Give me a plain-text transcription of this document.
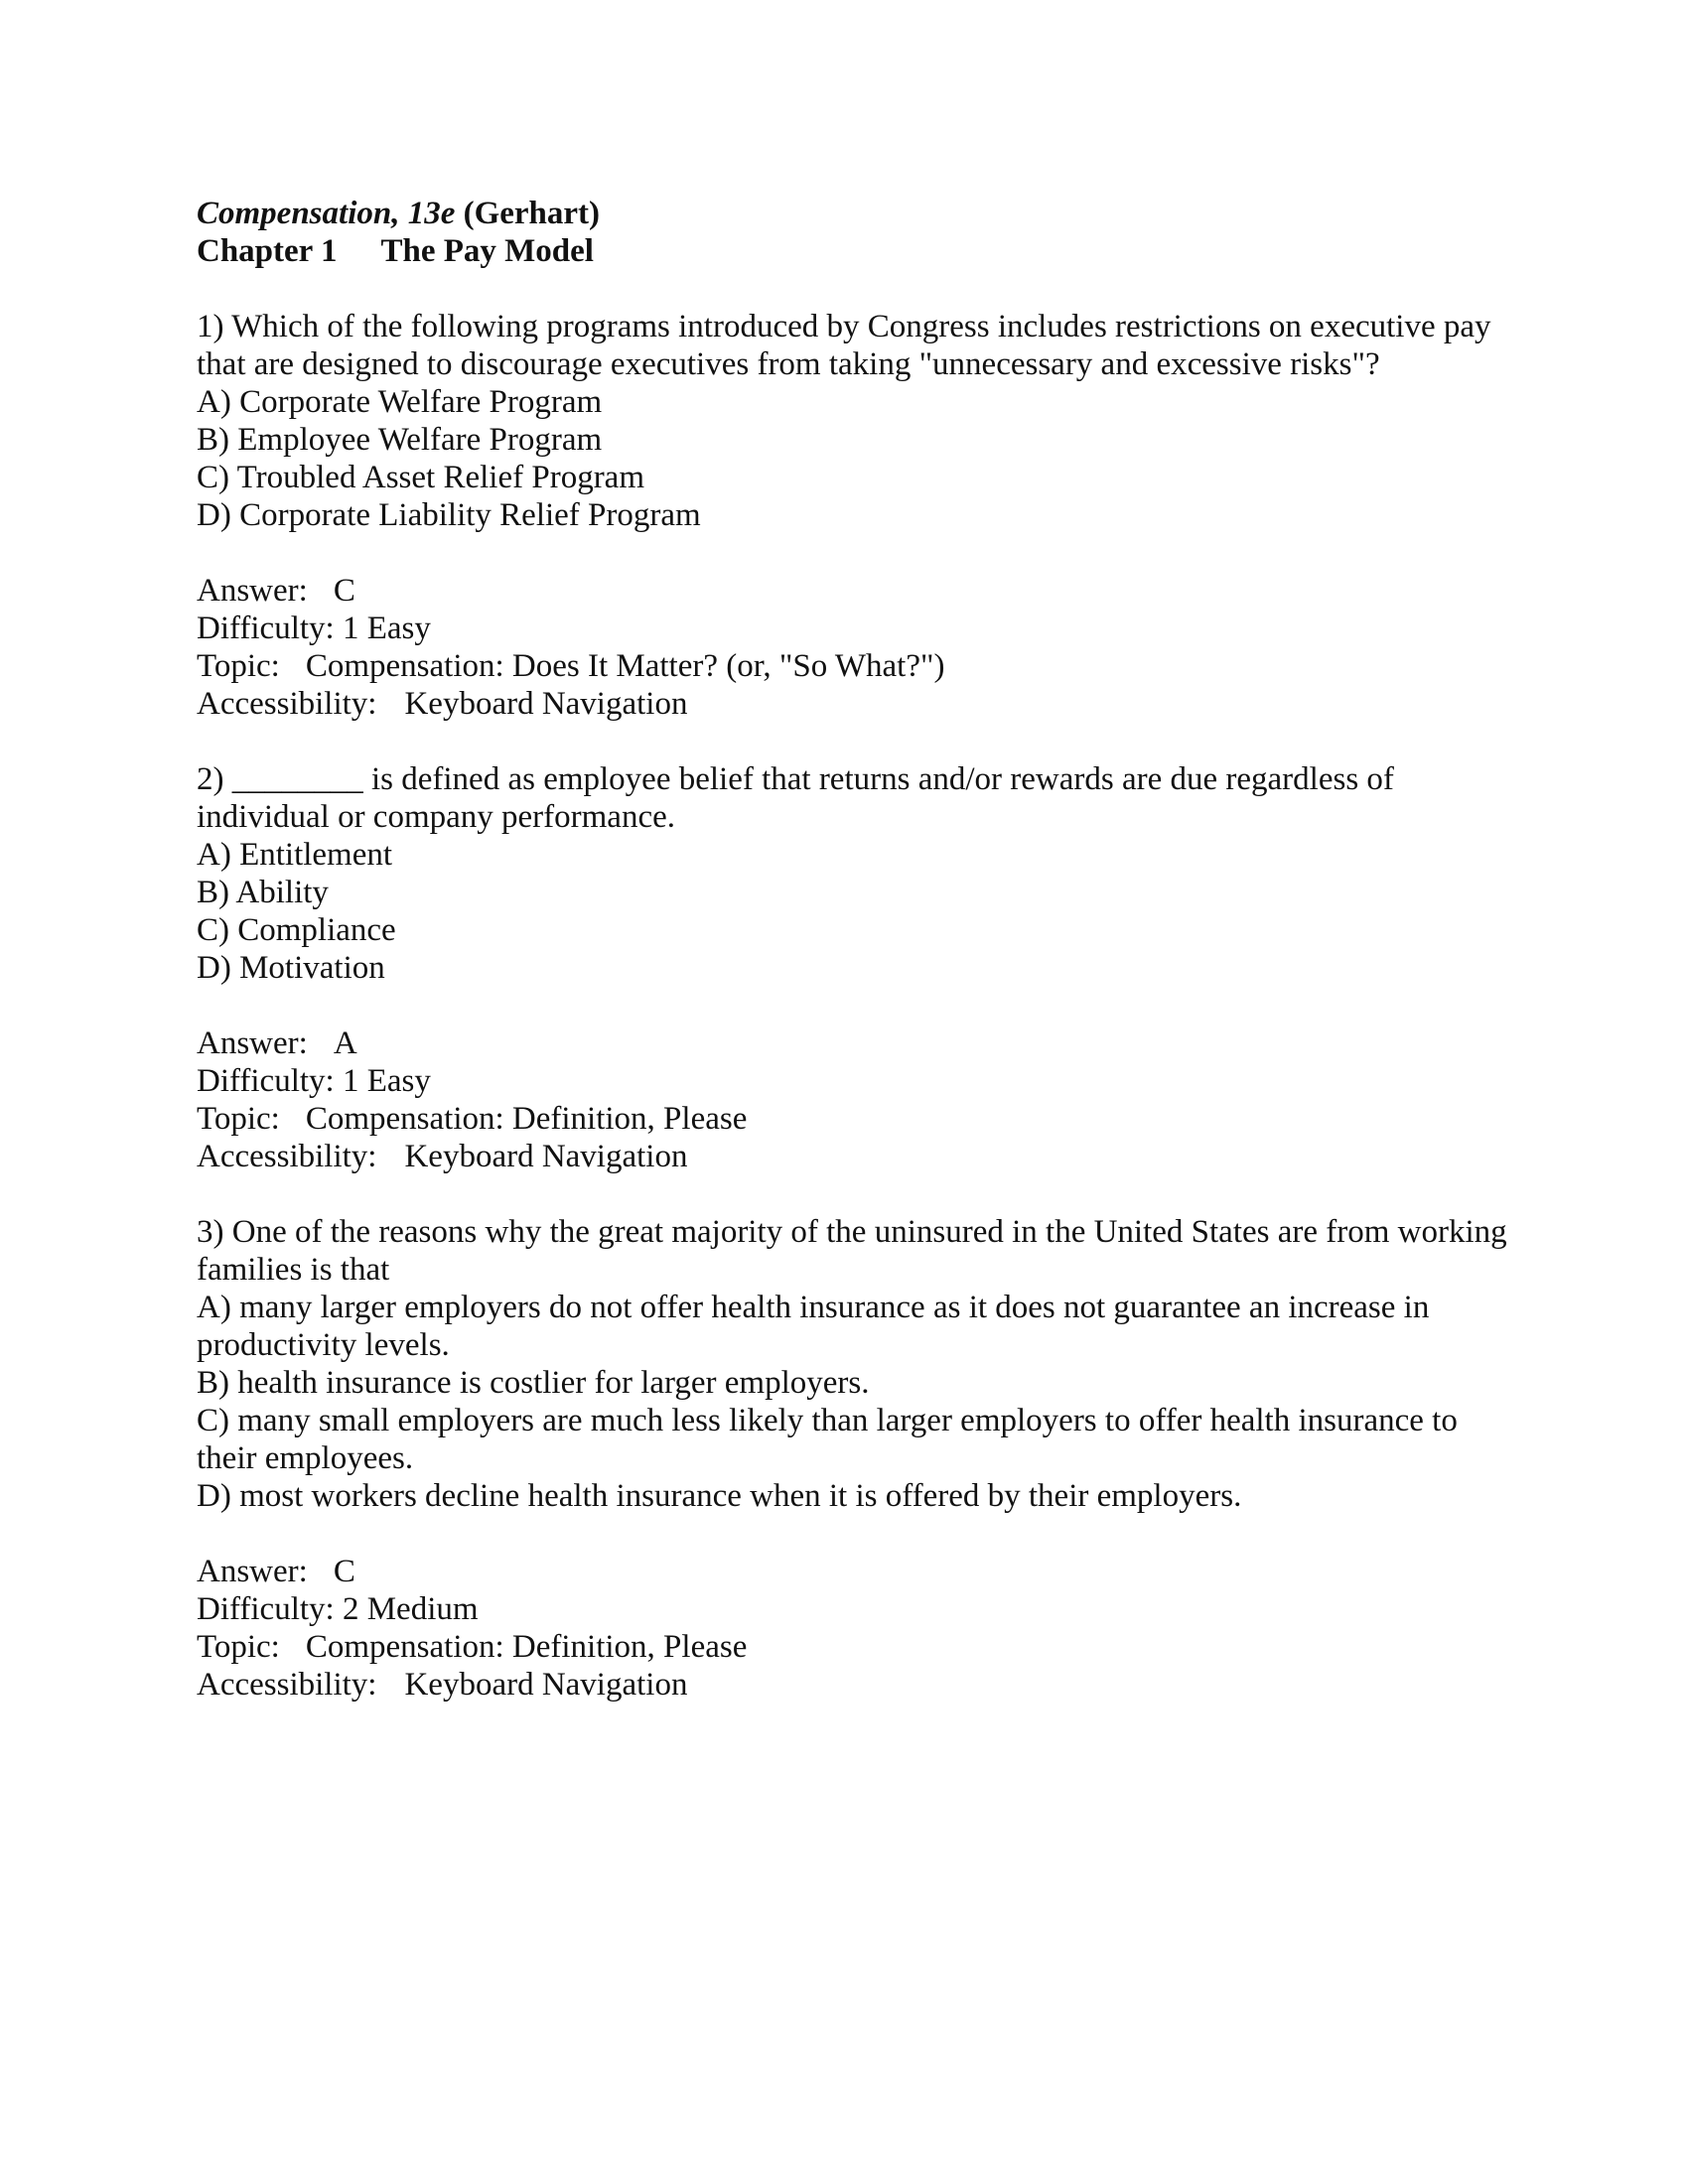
Compensation, 13e (Gerhart)

Chapter 1 The Pay Model

1) Which of the following programs introduced by Congress includes restrictions on executive pay that are designed to discourage executives from taking "unnecessary and excessive risks"?

A) Corporate Welfare Program

B) Employee Welfare Program

C) Troubled Asset Relief Program

D) Corporate Liability Relief Program

Answer: C

Difficulty: 1 Easy

Topic: Compensation: Does It Matter? (or, "So What?")

Accessibility: Keyboard Navigation

2) ________ is defined as employee belief that returns and/or rewards are due regardless of individual or company performance.

A) Entitlement

B) Ability

C) Compliance

D) Motivation

Answer: A

Difficulty: 1 Easy

Topic: Compensation: Definition, Please

Accessibility: Keyboard Navigation

3) One of the reasons why the great majority of the uninsured in the United States are from working families is that

A) many larger employers do not offer health insurance as it does not guarantee an increase in productivity levels.

B) health insurance is costlier for larger employers.

C) many small employers are much less likely than larger employers to offer health insurance to their employees.

D) most workers decline health insurance when it is offered by their employers.

Answer: C

Difficulty: 2 Medium

Topic: Compensation: Definition, Please

Accessibility: Keyboard Navigation
